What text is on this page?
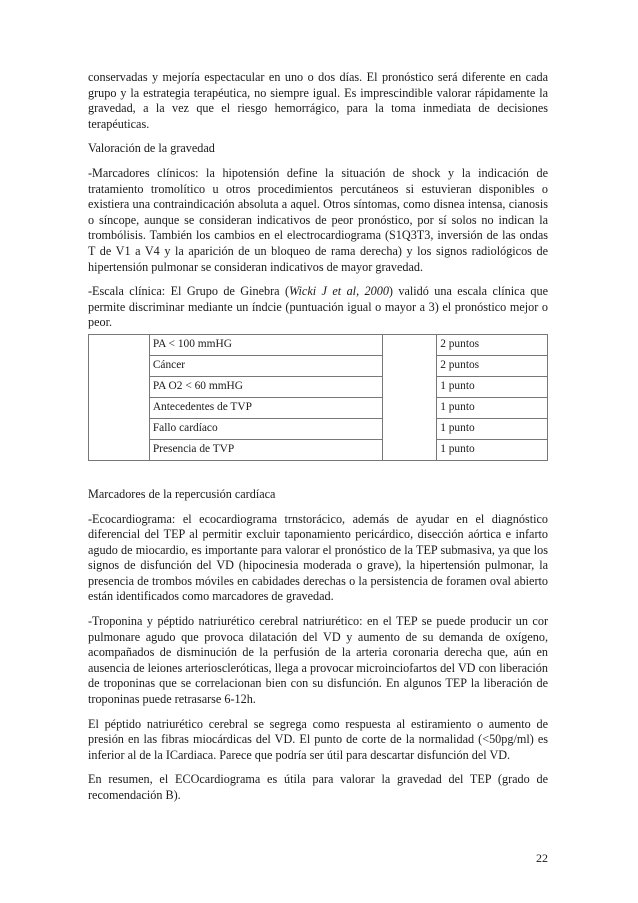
conservadas y mejoría espectacular en uno o dos días. El pronóstico será diferente en cada grupo y la estrategia terapéutica, no siempre igual. Es imprescindible valorar rápidamente la gravedad, a la vez que el riesgo hemorrágico, para la toma inmediata de decisiones terapéuticas.

Valoración de la gravedad

-Marcadores clínicos: la hipotensión define la situación de shock y la indicación de tratamiento tromolítico u otros procedimientos percutáneos si estuvieran disponibles o existiera una contraindicación absoluta a aquel. Otros síntomas, como disnea intensa, cianosis o síncope, aunque se consideran indicativos de peor pronóstico, por sí solos no indican la trombólisis. También los cambios en el electrocardiograma (S1Q3T3, inversión de las ondas T de V1 a V4 y la aparición de un bloqueo de rama derecha) y los signos radiológicos de hipertensión pulmonar se consideran indicativos de mayor gravedad.

-Escala clínica: El Grupo de Ginebra (Wicki J et al, 2000) validó una escala clínica que permite discriminar mediante un índcie (puntuación igual o mayor a 3) el pronóstico mejor o peor.

	PA < 100 mmHG		2 puntos
	Cáncer		2 puntos
	PA O2 < 60 mmHG		1 punto
	Antecedentes de TVP		1 punto
	Fallo cardíaco		1 punto
	Presencia de TVP		1 punto

Marcadores de la repercusión cardíaca

-Ecocardiograma: el ecocardiograma trnstorácico, además de ayudar en el diagnóstico diferencial del TEP al permitir excluir taponamiento pericárdico, disección aórtica e infarto agudo de miocardio, es importante para valorar el pronóstico de la TEP submasiva, ya que los signos de disfunción del VD (hipocinesia moderada o grave), la hipertensión pulmonar, la presencia de trombos móviles en cabidades derechas o la persistencia de foramen oval abierto están identificados como marcadores de gravedad.

-Troponina y péptido natriurético cerebral natriurético: en el TEP se puede producir un cor pulmonare agudo que provoca dilatación del VD y aumento de su demanda de oxígeno, acompañados de disminución de la perfusión de la arteria coronaria derecha que, aún en ausencia de leiones arterioscleróticas, llega a provocar microinciofartos del VD con liberación de troponinas que se correlacionan bien con su disfunción. En algunos TEP la liberación de troponinas puede retrasarse 6-12h.

El péptido natriurético cerebral se segrega como respuesta al estiramiento o aumento de presión en las fibras miocárdicas del VD. El punto de corte de la normalidad (<50pg/ml) es inferior al de la ICardiaca. Parece que podría ser útil para descartar disfunción del VD.

En resumen, el ECOcardiograma es útila para valorar la gravedad del TEP (grado de recomendación B).

22
